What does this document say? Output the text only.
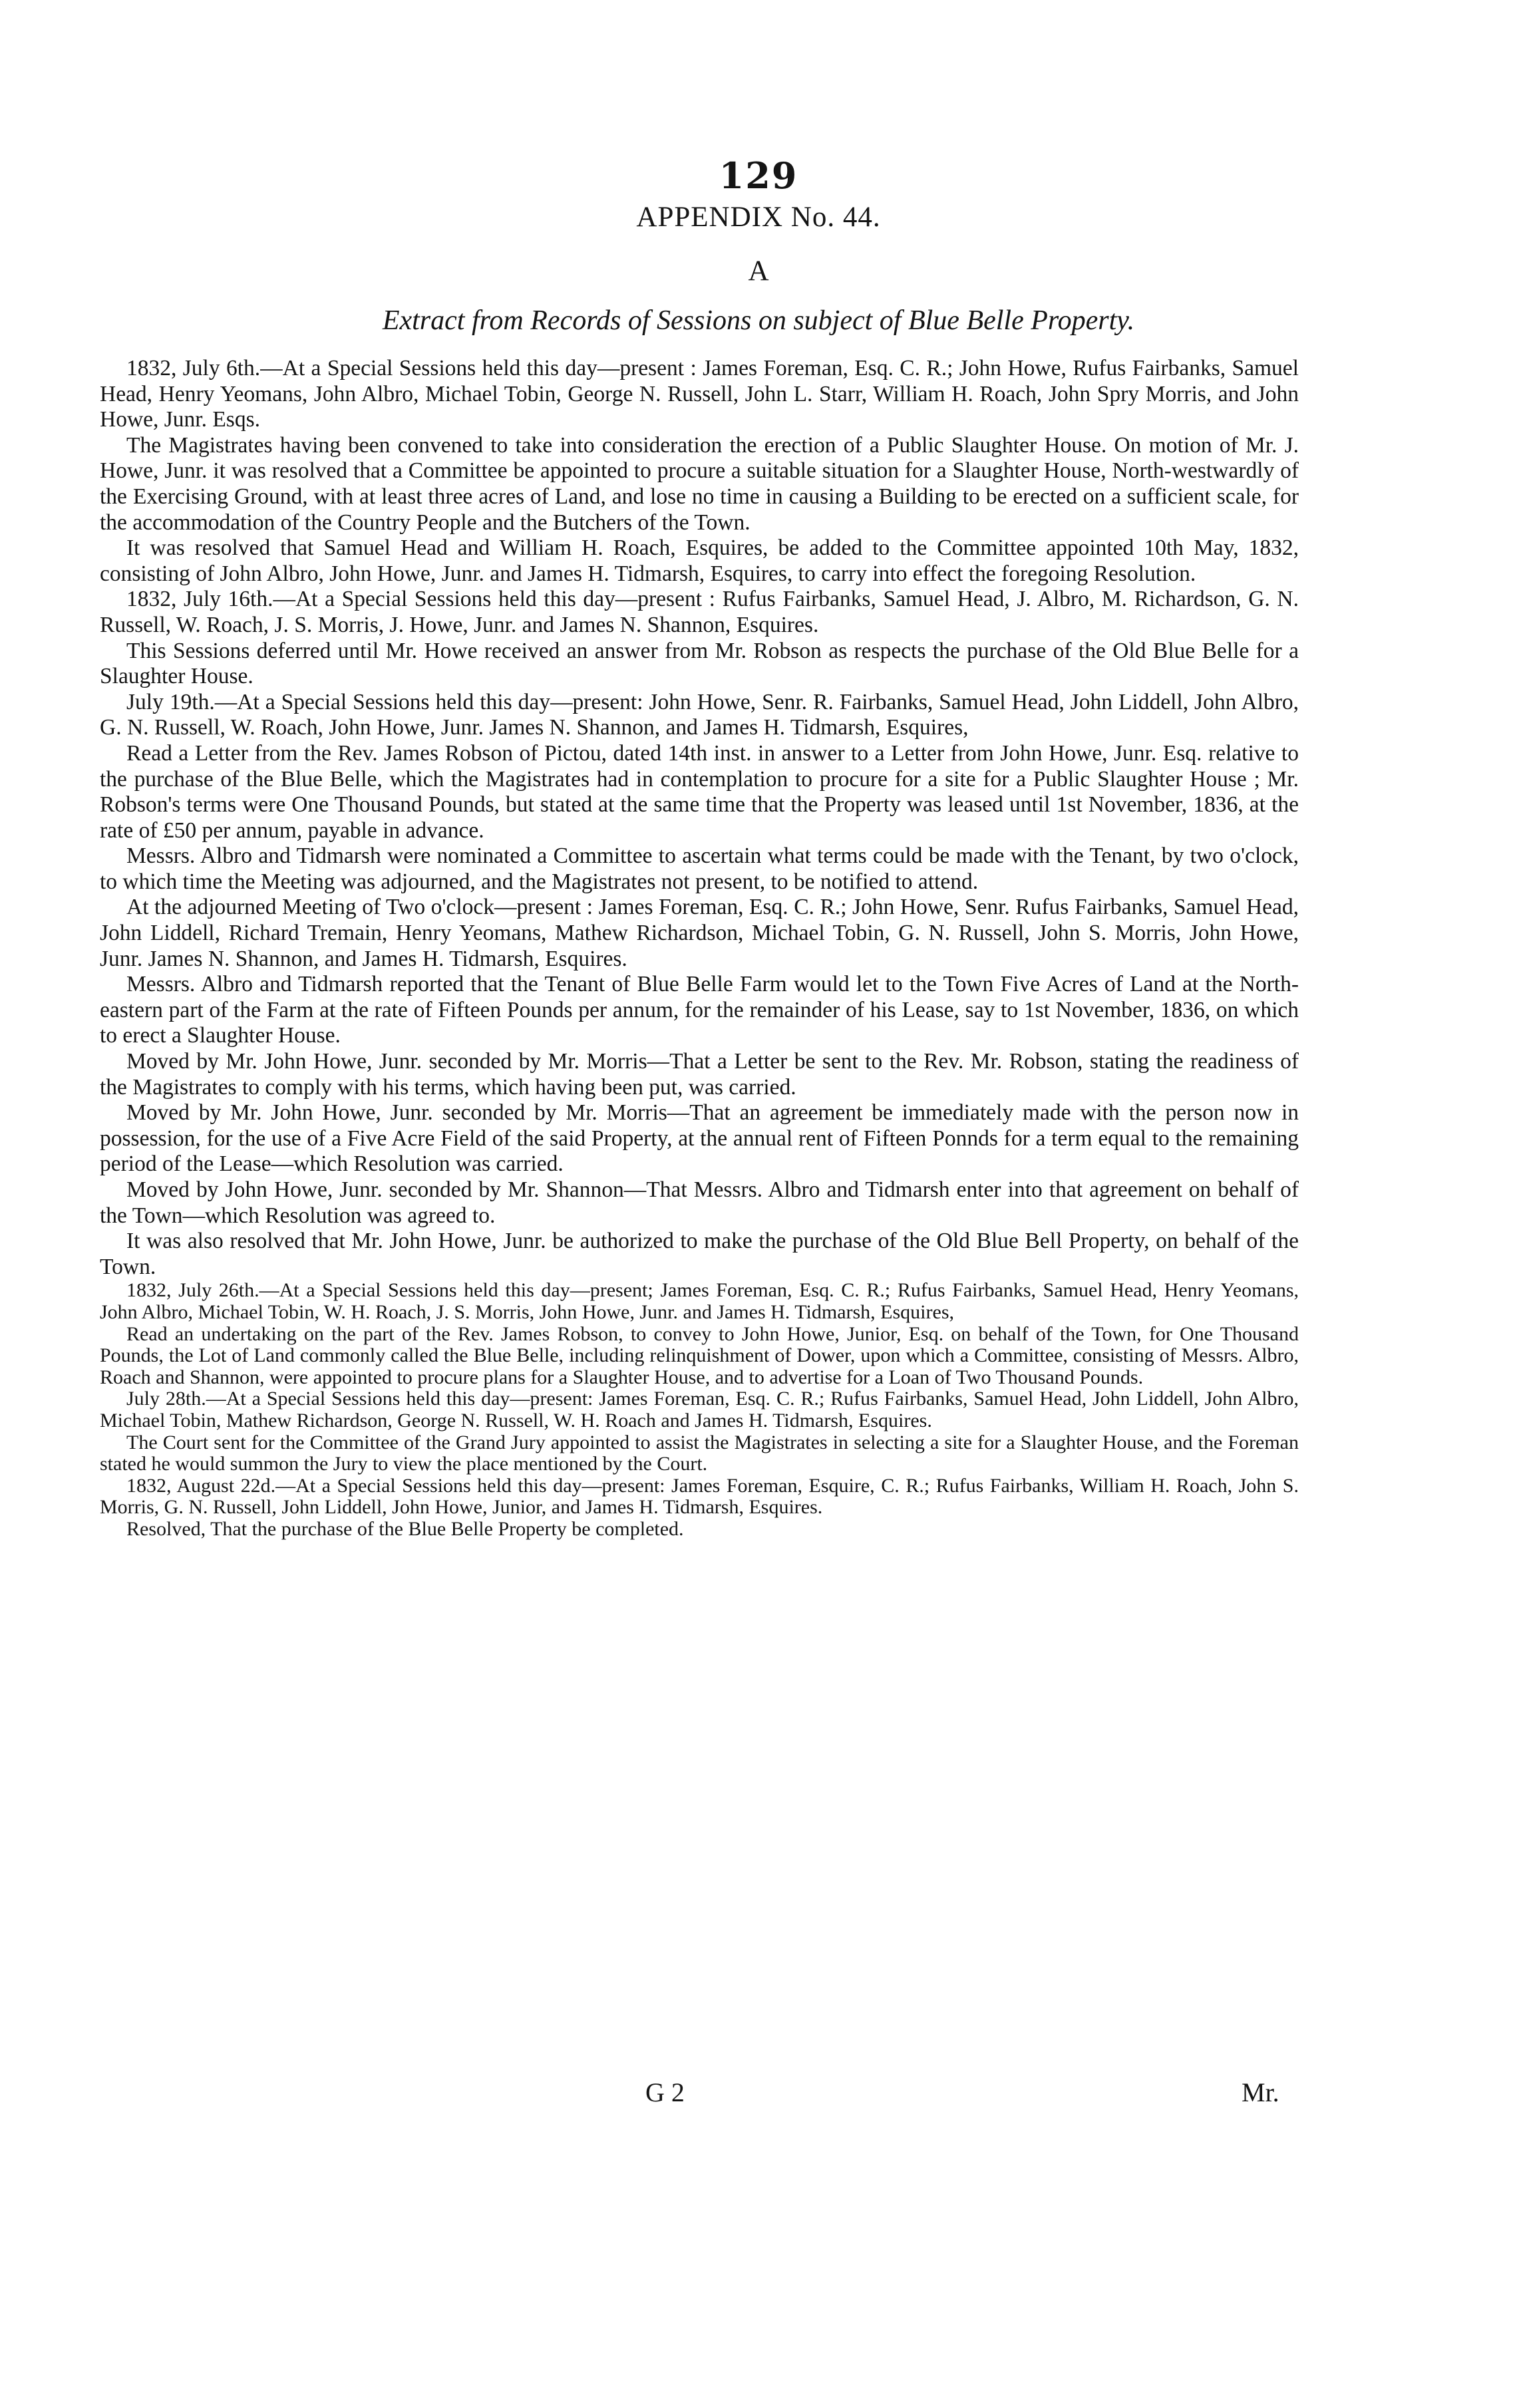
129
APPENDIX No. 44.
A
Extract from Records of Sessions on subject of Blue Belle Property.

1832, July 6th.—At a Special Sessions held this day—present : James Foreman, Esq. C. R.; John Howe, Rufus Fairbanks, Samuel Head, Henry Yeomans, John Albro, Michael Tobin, George N. Russell, John L. Starr, William H. Roach, John Spry Morris, and John Howe, Junr. Esqs.

The Magistrates having been convened to take into consideration the erection of a Public Slaughter House. On motion of Mr. J. Howe, Junr. it was resolved that a Committee be appointed to procure a suitable situation for a Slaughter House, North-westwardly of the Exercising Ground, with at least three acres of Land, and lose no time in causing a Building to be erected on a sufficient scale, for the accommodation of the Country People and the Butchers of the Town.

It was resolved that Samuel Head and William H. Roach, Esquires, be added to the Committee appointed 10th May, 1832, consisting of John Albro, John Howe, Junr. and James H. Tidmarsh, Esquires, to carry into effect the foregoing Resolution.

1832, July 16th.—At a Special Sessions held this day—present : Rufus Fairbanks, Samuel Head, J. Albro, M. Richardson, G. N. Russell, W. Roach, J. S. Morris, J. Howe, Junr. and James N. Shannon, Esquires.

This Sessions deferred until Mr. Howe received an answer from Mr. Robson as respects the purchase of the Old Blue Belle for a Slaughter House.

July 19th.—At a Special Sessions held this day—present: John Howe, Senr. R. Fairbanks, Samuel Head, John Liddell, John Albro, G. N. Russell, W. Roach, John Howe, Junr. James N. Shannon, and James H. Tidmarsh, Esquires,

Read a Letter from the Rev. James Robson of Pictou, dated 14th inst. in answer to a Letter from John Howe, Junr. Esq. relative to the purchase of the Blue Belle, which the Magistrates had in contemplation to procure for a site for a Public Slaughter House ; Mr. Robson's terms were One Thousand Pounds, but stated at the same time that the Property was leased until 1st November, 1836, at the rate of £50 per annum, payable in advance.

Messrs. Albro and Tidmarsh were nominated a Committee to ascertain what terms could be made with the Tenant, by two o'clock, to which time the Meeting was adjourned, and the Magistrates not present, to be notified to attend.

At the adjourned Meeting of Two o'clock—present : James Foreman, Esq. C. R.; John Howe, Senr. Rufus Fairbanks, Samuel Head, John Liddell, Richard Tremain, Henry Yeomans, Mathew Richardson, Michael Tobin, G. N. Russell, John S. Morris, John Howe, Junr. James N. Shannon, and James H. Tidmarsh, Esquires.

Messrs. Albro and Tidmarsh reported that the Tenant of Blue Belle Farm would let to the Town Five Acres of Land at the North-eastern part of the Farm at the rate of Fifteen Pounds per annum, for the remainder of his Lease, say to 1st November, 1836, on which to erect a Slaughter House.

Moved by Mr. John Howe, Junr. seconded by Mr. Morris—That a Letter be sent to the Rev. Mr. Robson, stating the readiness of the Magistrates to comply with his terms, which having been put, was carried.

Moved by Mr. John Howe, Junr. seconded by Mr. Morris—That an agreement be immediately made with the person now in possession, for the use of a Five Acre Field of the said Property, at the annual rent of Fifteen Ponnds for a term equal to the remaining period of the Lease—which Resolution was carried.

Moved by John Howe, Junr. seconded by Mr. Shannon—That Messrs. Albro and Tidmarsh enter into that agreement on behalf of the Town—which Resolution was agreed to.

It was also resolved that Mr. John Howe, Junr. be authorized to make the purchase of the Old Blue Bell Property, on behalf of the Town.

1832, July 26th.—At a Special Sessions held this day—present; James Foreman, Esq. C. R.; Rufus Fairbanks, Samuel Head, Henry Yeomans, John Albro, Michael Tobin, W. H. Roach, J. S. Morris, John Howe, Junr. and James H. Tidmarsh, Esquires,

Read an undertaking on the part of the Rev. James Robson, to convey to John Howe, Junior, Esq. on behalf of the Town, for One Thousand Pounds, the Lot of Land commonly called the Blue Belle, including relinquishment of Dower, upon which a Committee, consisting of Messrs. Albro, Roach and Shannon, were appointed to procure plans for a Slaughter House, and to advertise for a Loan of Two Thousand Pounds.

July 28th.—At a Special Sessions held this day—present: James Foreman, Esq. C. R.; Rufus Fairbanks, Samuel Head, John Liddell, John Albro, Michael Tobin, Mathew Richardson, George N. Russell, W. H. Roach and James H. Tidmarsh, Esquires.

The Court sent for the Committee of the Grand Jury appointed to assist the Magistrates in selecting a site for a Slaughter House, and the Foreman stated he would summon the Jury to view the place mentioned by the Court.

1832, August 22d.—At a Special Sessions held this day—present: James Foreman, Esquire, C. R.; Rufus Fairbanks, William H. Roach, John S. Morris, G. N. Russell, John Liddell, John Howe, Junior, and James H. Tidmarsh, Esquires.

Resolved, That the purchase of the Blue Belle Property be completed.

G 2	Mr.
